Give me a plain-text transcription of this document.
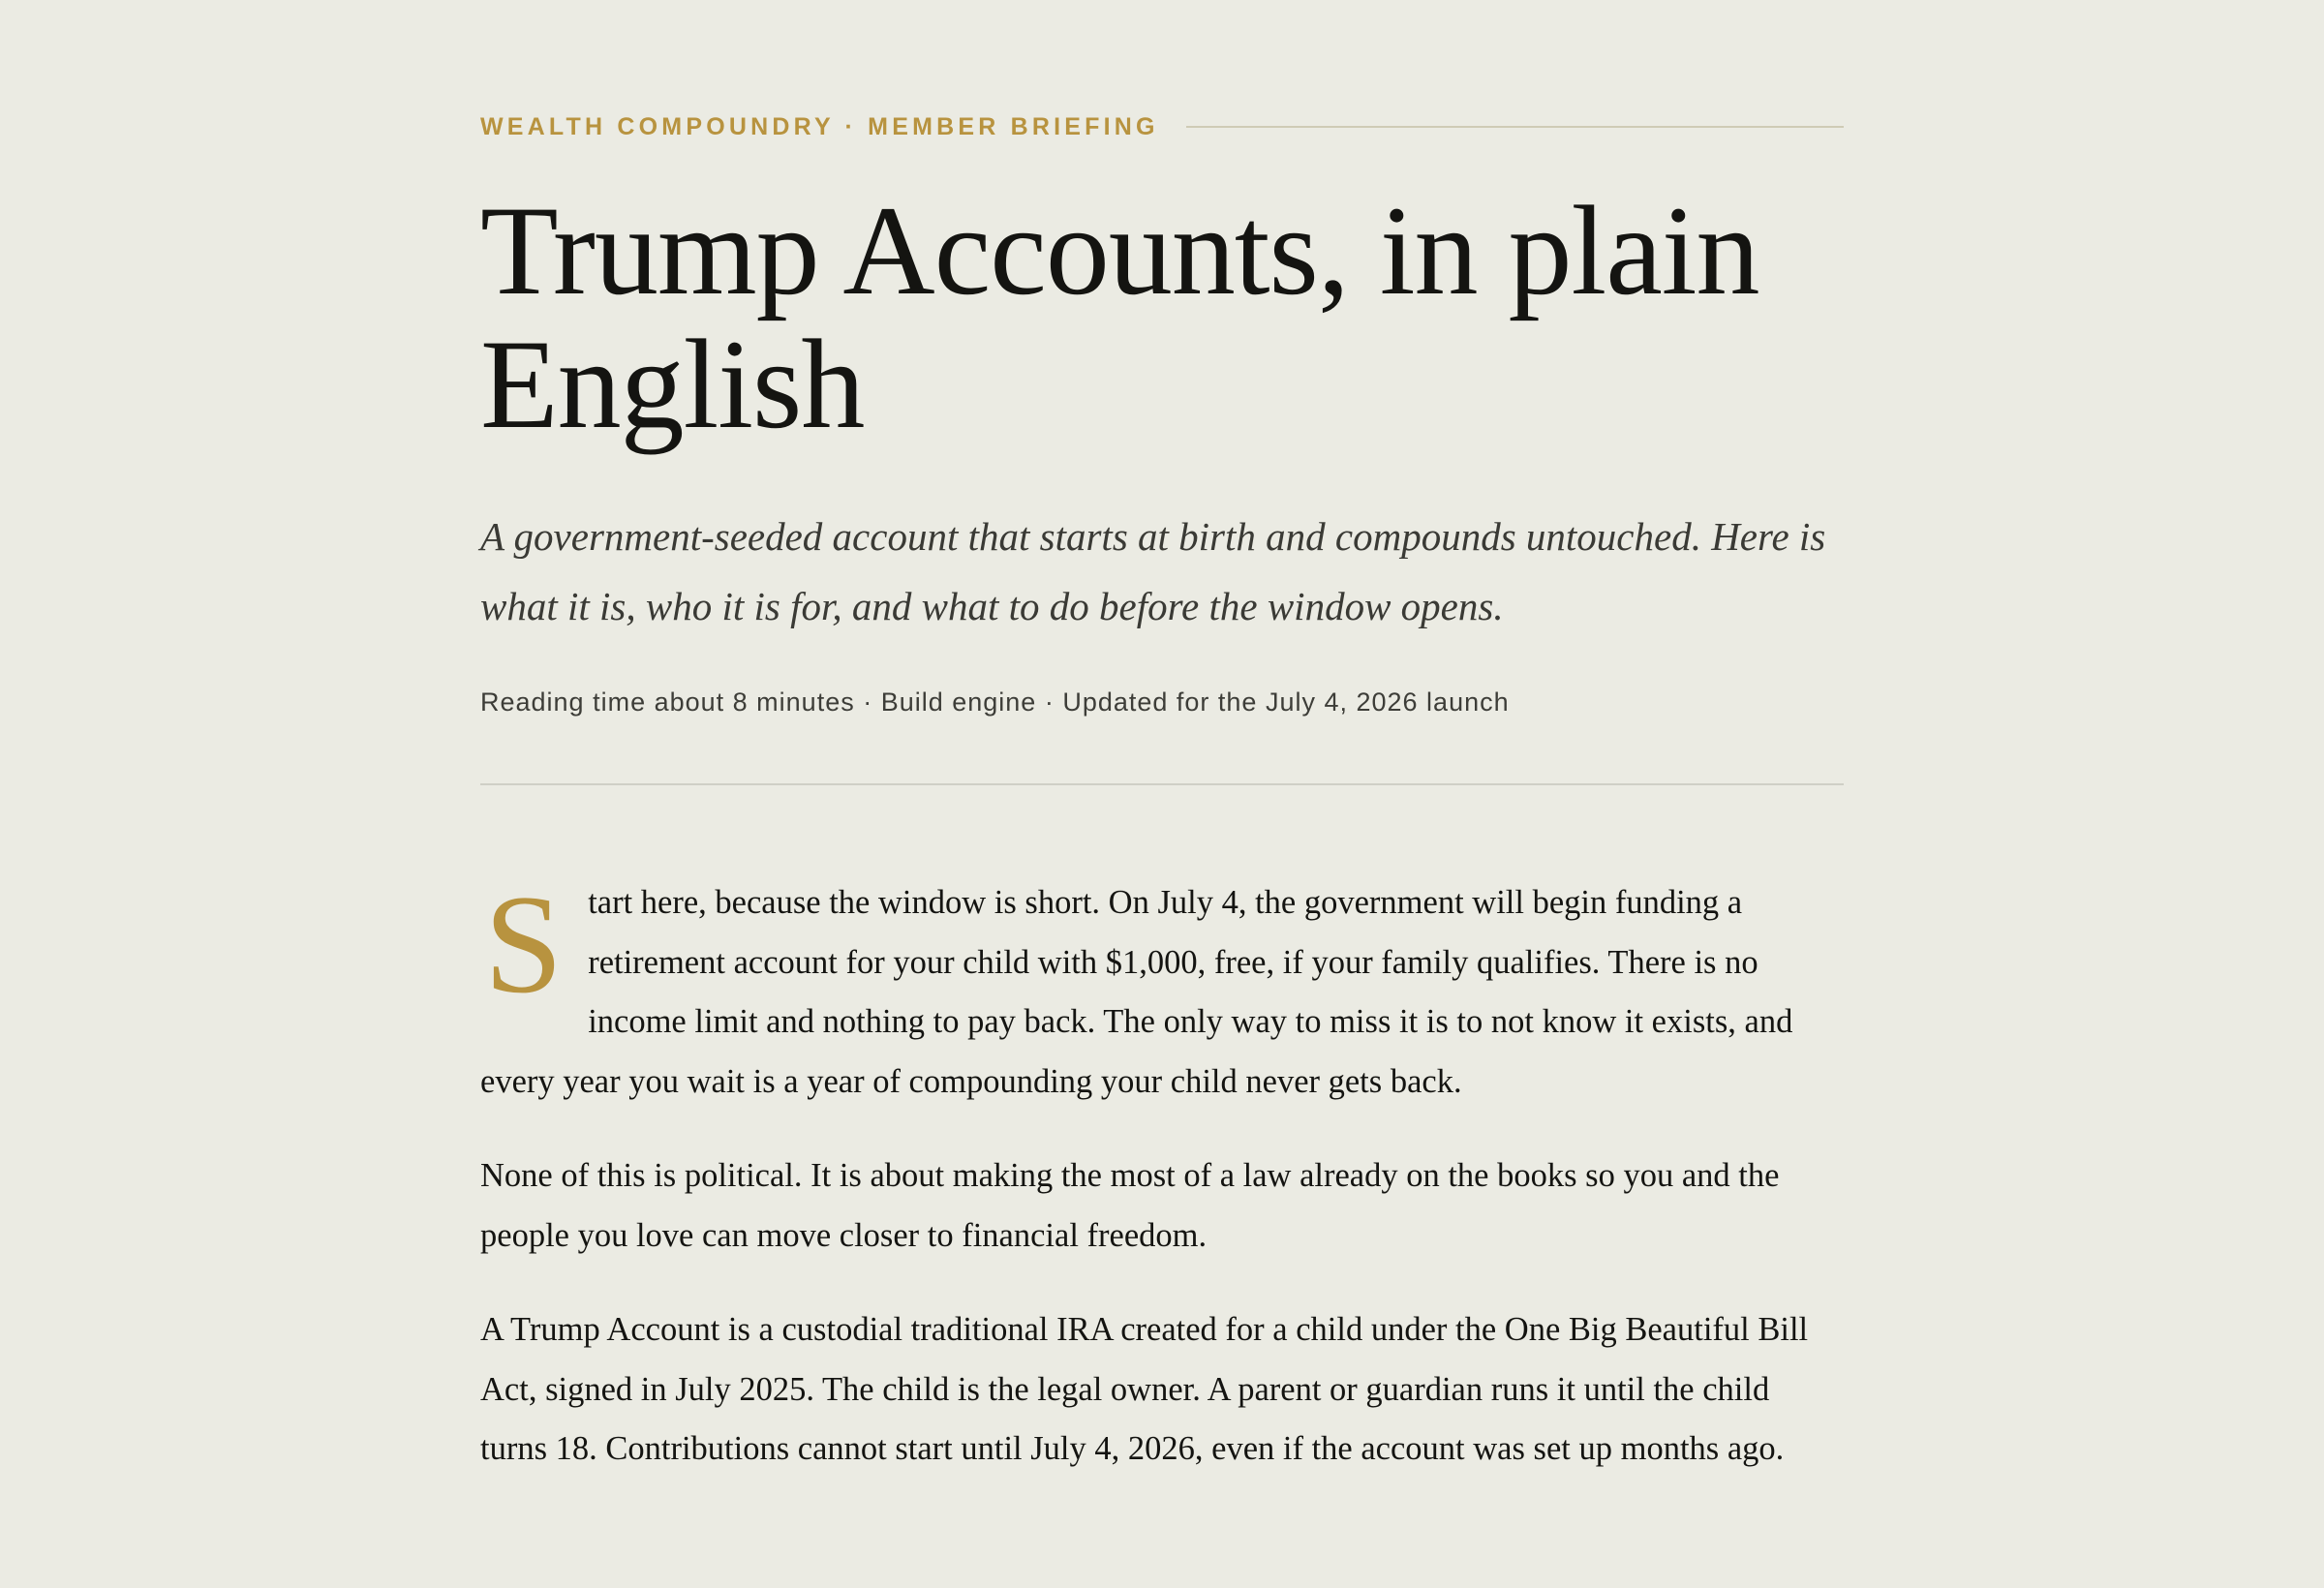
WEALTH COMPOUNDRY · MEMBER BRIEFING
Trump Accounts, in plain English

A government-seeded account that starts at birth and compounds untouched. Here is what it is, who it is for, and what to do before the window opens.

Reading time about 8 minutes · Build engine · Updated for the July 4, 2026 launch

Start here, because the window is short. On July 4, the government will begin funding a retirement account for your child with $1,000, free, if your family qualifies. There is no income limit and nothing to pay back. The only way to miss it is to not know it exists, and every year you wait is a year of compounding your child never gets back.

None of this is political. It is about making the most of a law already on the books so you and the people you love can move closer to financial freedom.

A Trump Account is a custodial traditional IRA created for a child under the One Big Beautiful Bill Act, signed in July 2025. The child is the legal owner. A parent or guardian runs it until the child turns 18. Contributions cannot start until July 4, 2026, even if the account was set up months ago.
